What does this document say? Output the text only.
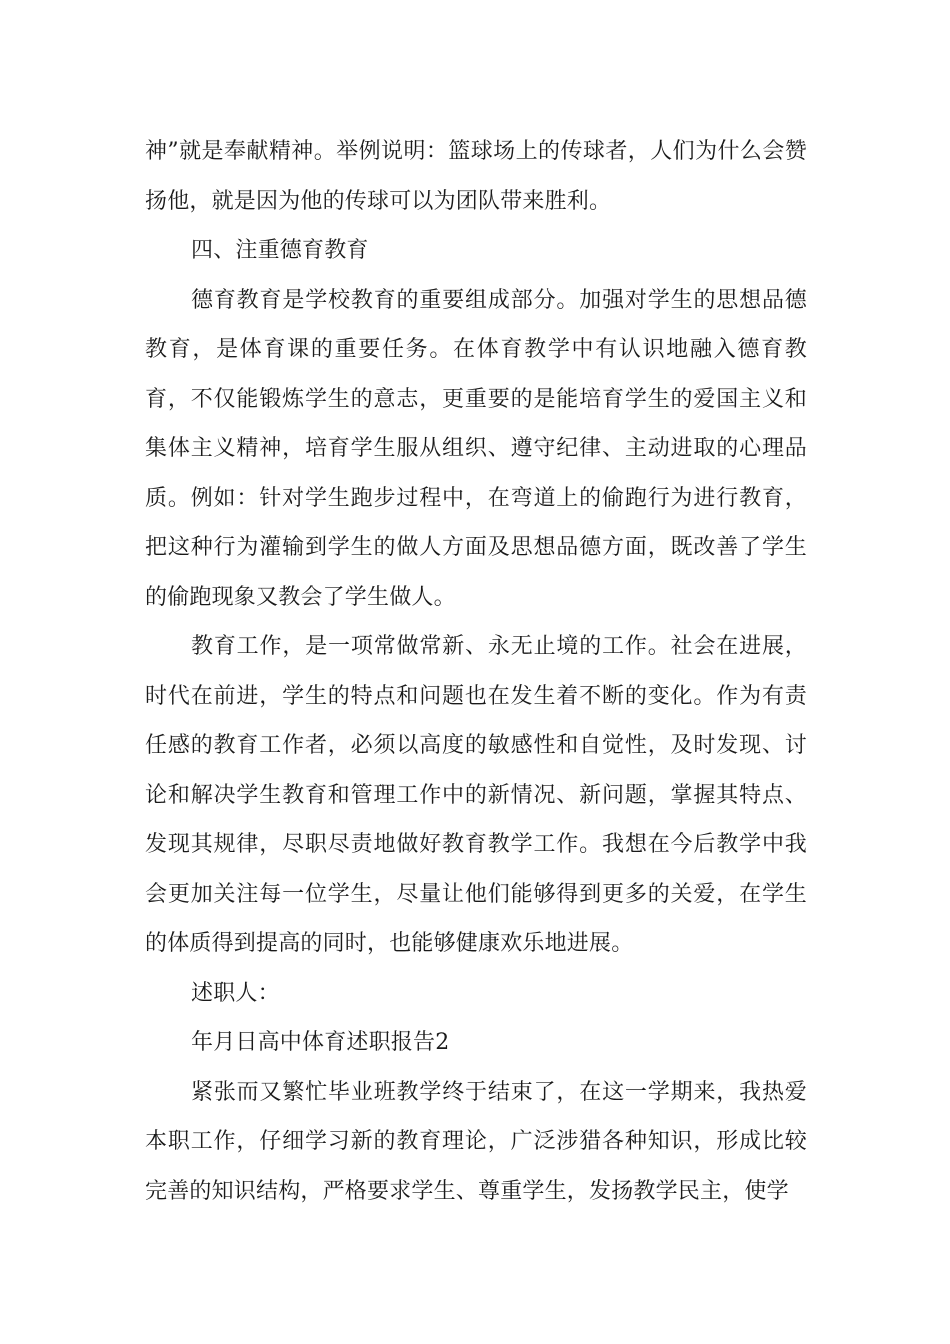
神”就是奉献精神。举例说明：篮球场上的传球者，人们为什么会赞扬他，就是因为他的传球可以为团队带来胜利。

四、注重德育教育

德育教育是学校教育的重要组成部分。加强对学生的思想品德教育，是体育课的重要任务。在体育教学中有认识地融入德育教育，不仅能锻炼学生的意志，更重要的是能培育学生的爱国主义和集体主义精神，培育学生服从组织、遵守纪律、主动进取的心理品质。例如：针对学生跑步过程中，在弯道上的偷跑行为进行教育，把这种行为灌输到学生的做人方面及思想品德方面，既改善了学生的偷跑现象又教会了学生做人。

教育工作，是一项常做常新、永无止境的工作。社会在进展，时代在前进，学生的特点和问题也在发生着不断的变化。作为有责任感的教育工作者，必须以高度的敏感性和自觉性，及时发现、讨论和解决学生教育和管理工作中的新情况、新问题，掌握其特点、发现其规律，尽职尽责地做好教育教学工作。我想在今后教学中我会更加关注每一位学生，尽量让他们能够得到更多的关爱，在学生的体质得到提高的同时，也能够健康欢乐地进展。

述职人：

年月日高中体育述职报告2

紧张而又繁忙毕业班教学终于结束了，在这一学期来，我热爱本职工作，仔细学习新的教育理论，广泛涉猎各种知识，形成比较完善的知识结构，严格要求学生、尊重学生，发扬教学民主，使学
